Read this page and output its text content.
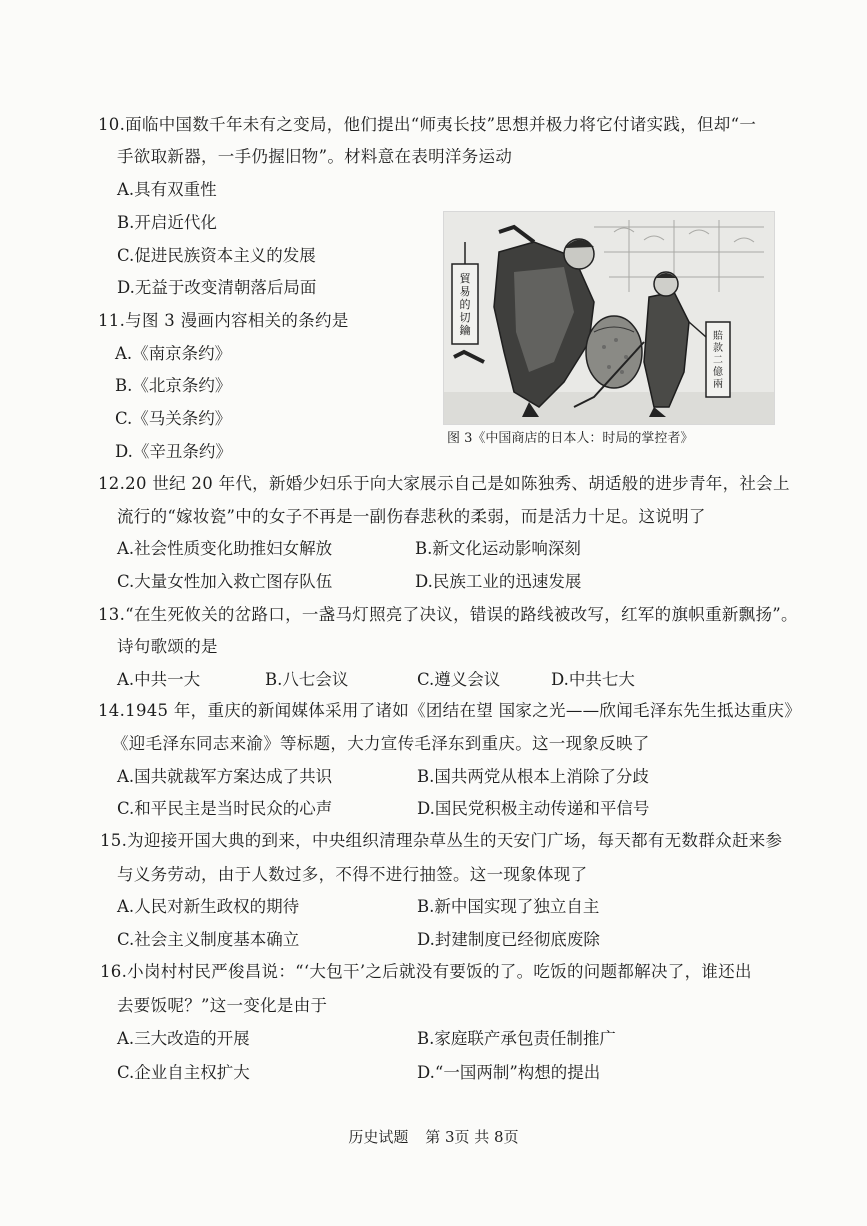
10.面临中国数千年未有之变局，他们提出“师夷长技”思想并极力将它付诸实践，但却“一
手欲取新器，一手仍握旧物”。材料意在表明洋务运动
A.具有双重性
B.开启近代化
C.促进民族资本主义的发展
D.无益于改变清朝落后局面
11.与图 3 漫画内容相关的条约是
A.《南京条约》
B.《北京条约》
C.《马关条约》
D.《辛丑条约》
貿易的切鑰	賠款二億兩
图 3《中国商店的日本人：时局的掌控者》
12.20 世纪 20 年代，新婚少妇乐于向大家展示自己是如陈独秀、胡适般的进步青年，社会上
流行的“嫁妆瓷”中的女子不再是一副伤春悲秋的柔弱，而是活力十足。这说明了
A.社会性质变化助推妇女解放	B.新文化运动影响深刻
C.大量女性加入救亡图存队伍	D.民族工业的迅速发展
13.“在生死攸关的岔路口，一盏马灯照亮了决议，错误的路线被改写，红军的旗帜重新飘扬”。
诗句歌颂的是
A.中共一大	B.八七会议	C.遵义会议	D.中共七大
14.1945 年，重庆的新闻媒体采用了诸如《团结在望 国家之光——欣闻毛泽东先生抵达重庆》
《迎毛泽东同志来渝》等标题，大力宣传毛泽东到重庆。这一现象反映了
A.国共就裁军方案达成了共识	B.国共两党从根本上消除了分歧
C.和平民主是当时民众的心声	D.国民党积极主动传递和平信号
15.为迎接开国大典的到来，中央组织清理杂草丛生的天安门广场，每天都有无数群众赶来参
与义务劳动，由于人数过多，不得不进行抽签。这一现象体现了
A.人民对新生政权的期待	B.新中国实现了独立自主
C.社会主义制度基本确立	D.封建制度已经彻底废除
16.小岗村村民严俊昌说：“‘大包干’之后就没有要饭的了。吃饭的问题都解决了，谁还出
去要饭呢？”这一变化是由于
A.三大改造的开展	B.家庭联产承包责任制推广
C.企业自主权扩大	D.“一国两制”构想的提出
历史试题 第 3页 共 8页
